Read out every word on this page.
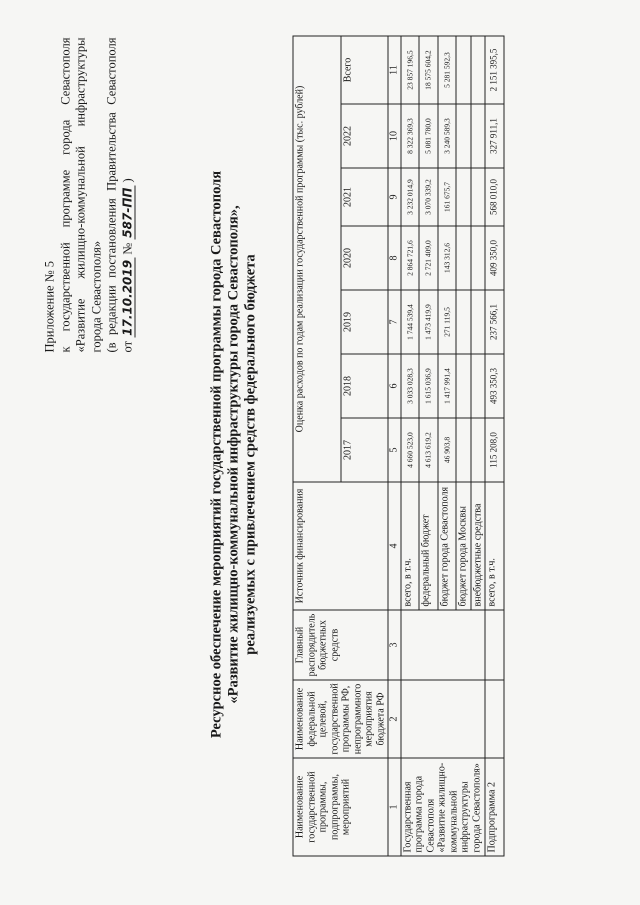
Приложение № 5 к государственной программе города Севастополя «Развитие жилищно-коммунальной инфраструктуры города Севастополя» (в редакции постановления Правительства Севастополя от 17.10.2019 № 587-ПП )	Ресурсное обеспечение мероприятий государственной программы города Севастополя «Развитие жилищно-коммунальной инфраструктуры города Севастополя», реализуемых с привлечением средств федерального бюджета
Наименование государственной программы, подпрограммы, мероприятий	Наименование федеральной целевой, государственной программы РФ, непрограммного мероприятия бюджета РФ	Главный распорядитель бюджетных средств	Источник финансирования	Оценка расходов по годам реализации государственной программы (тыс. рублей)						
				2017	2018	2019	2020	2021	2022	Всего
1	2	3	4	5	6	7	8	9	10	11
Государственная программа города Севастополя «Развитие жилищно-коммунальной инфраструктуры города Севастополя»			всего, в т.ч.	4 660 523,0	3 033 028,3	1 744 539,4	2 864 721,6	3 232 014,9	8 322 369,3	23 857 196,5
			федеральный бюджет	4 613 619,2	1 615 036,9	1 473 419,9	2 721 409,0	3 070 339,2	5 081 780,0	18 575 604,2
			бюджет города Севастополя	46 903,8	1 417 991,4	271 119,5	143 312,6	161 675,7	3 240 589,3	5 281 592,3
			бюджет города Москвы							
			внебюджетные средства							
Подпрограмма 2			всего, в т.ч.	115 208,0	493 350,3	237 566,1	409 350,0	568 010,0	327 911,1	2 151 395,5
